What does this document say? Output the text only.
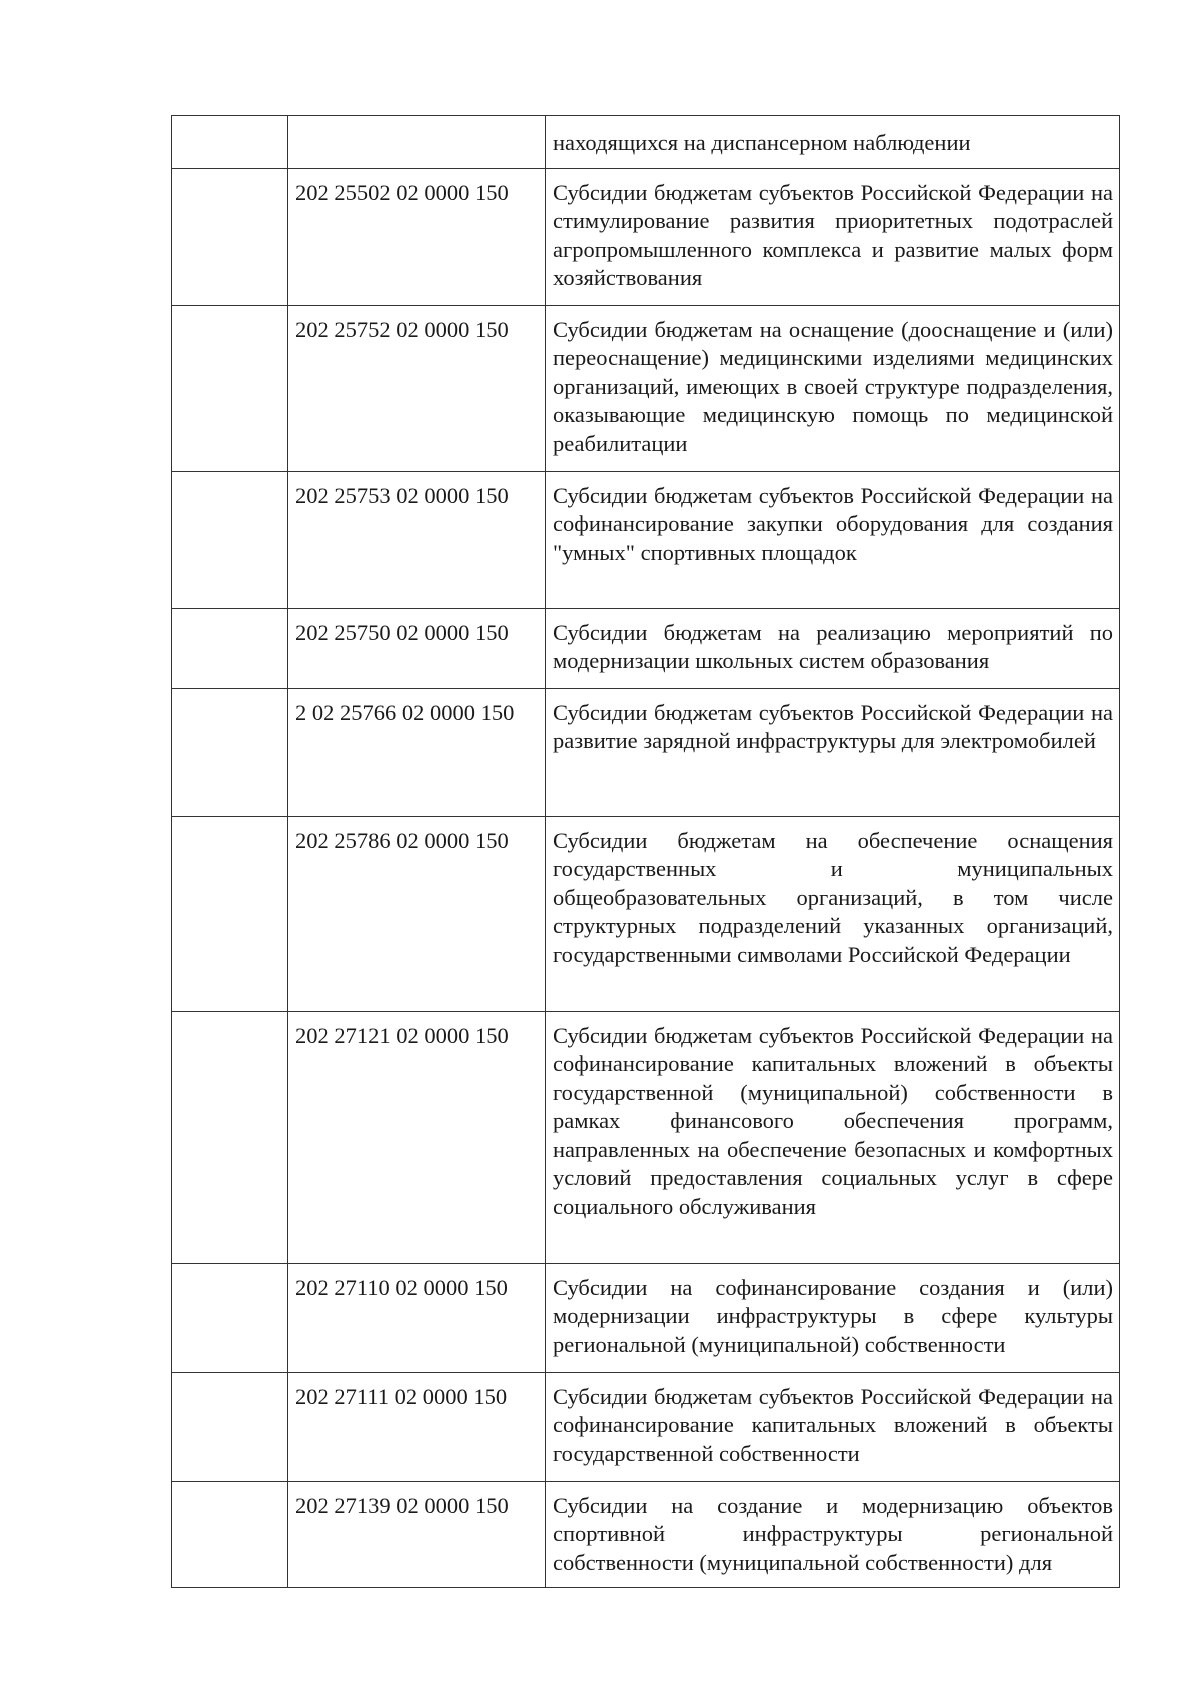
		находящихся на диспансерном наблюдении

	202 25502 02 0000 150	Субсидии бюджетам субъектов Российской Федерации на стимулирование развития приоритетных подотраслей агропромышленного комплекса и развитие малых форм хозяйствования

	202 25752 02 0000 150	Субсидии бюджетам на оснащение (дооснащение и (или) переоснащение) медицинскими изделиями медицинских организаций, имеющих в своей структуре подразделения, оказывающие медицинскую помощь по медицинской реабилитации

	202 25753 02 0000 150	Субсидии бюджетам субъектов Российской Федерации на софинансирование закупки оборудования для создания "умных" спортивных площадок

	202 25750 02 0000 150	Субсидии бюджетам на реализацию мероприятий по модернизации школьных систем образования

	2 02 25766 02 0000 150	Субсидии бюджетам субъектов Российской Федерации на развитие зарядной инфраструктуры для электромобилей

	202 25786 02 0000 150	Субсидии бюджетам на обеспечение оснащения государственных и муниципальных общеобразовательных организаций, в том числе структурных подразделений указанных организаций, государственными символами Российской Федерации

	202 27121 02 0000 150	Субсидии бюджетам субъектов Российской Федерации на софинансирование капитальных вложений в объекты государственной (муниципальной) собственности в рамках финансового обеспечения программ, направленных на обеспечение безопасных и комфортных условий предоставления социальных услуг в сфере социального обслуживания

	202 27110 02 0000 150	Субсидии на софинансирование создания и (или) модернизации инфраструктуры в сфере культуры региональной (муниципальной) собственности

	202 27111 02 0000 150	Субсидии бюджетам субъектов Российской Федерации на софинансирование капитальных вложений в объекты государственной собственности

	202 27139 02 0000 150	Субсидии на создание и модернизацию объектов спортивной инфраструктуры региональной собственности (муниципальной собственности) для
